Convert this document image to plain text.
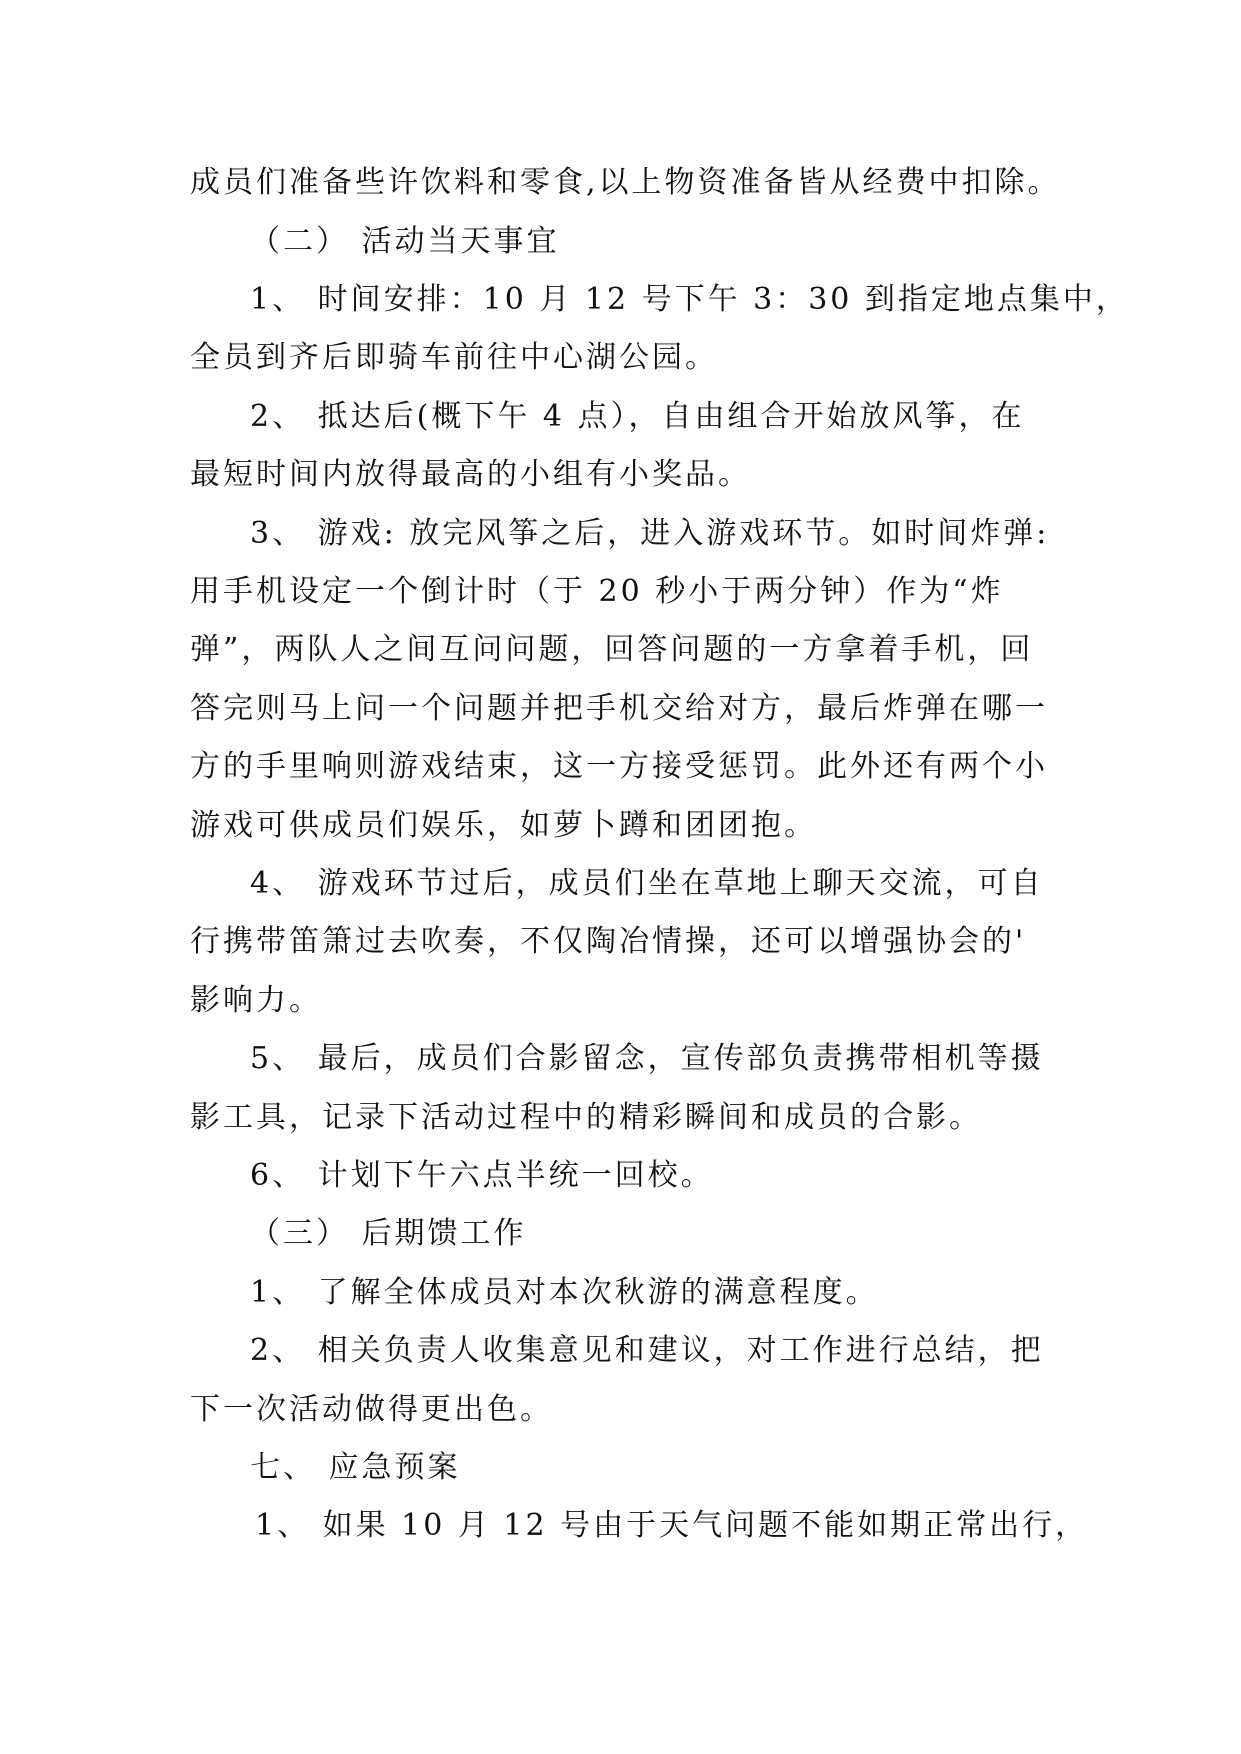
成员们准备些许饮料和零食,以上物资准备皆从经费中扣除。
（二） 活动当天事宜
1、 时间安排：10 月 12 号下午 3：30 到指定地点集中，
全员到齐后即骑车前往中心湖公园。
2、 抵达后(概下午 4 点），自由组合开始放风筝，在
最短时间内放得最高的小组有小奖品。
3、 游戏: 放完风筝之后，进入游戏环节。如时间炸弹:
用手机设定一个倒计时（于 20 秒小于两分钟）作为“炸
弹”，两队人之间互问问题，回答问题的一方拿着手机，回
答完则马上问一个问题并把手机交给对方，最后炸弹在哪一
方的手里响则游戏结束，这一方接受惩罚。此外还有两个小
游戏可供成员们娱乐，如萝卜蹲和团团抱。
4、 游戏环节过后，成员们坐在草地上聊天交流，可自
行携带笛箫过去吹奏，不仅陶冶情操，还可以增强协会的'
影响力。
5、 最后，成员们合影留念，宣传部负责携带相机等摄
影工具，记录下活动过程中的精彩瞬间和成员的合影。
6、 计划下午六点半统一回校。
（三） 后期馈工作
1、 了解全体成员对本次秋游的满意程度。
2、 相关负责人收集意见和建议，对工作进行总结，把
下一次活动做得更出色。
七、 应急预案
1、 如果 10 月 12 号由于天气问题不能如期正常出行，
